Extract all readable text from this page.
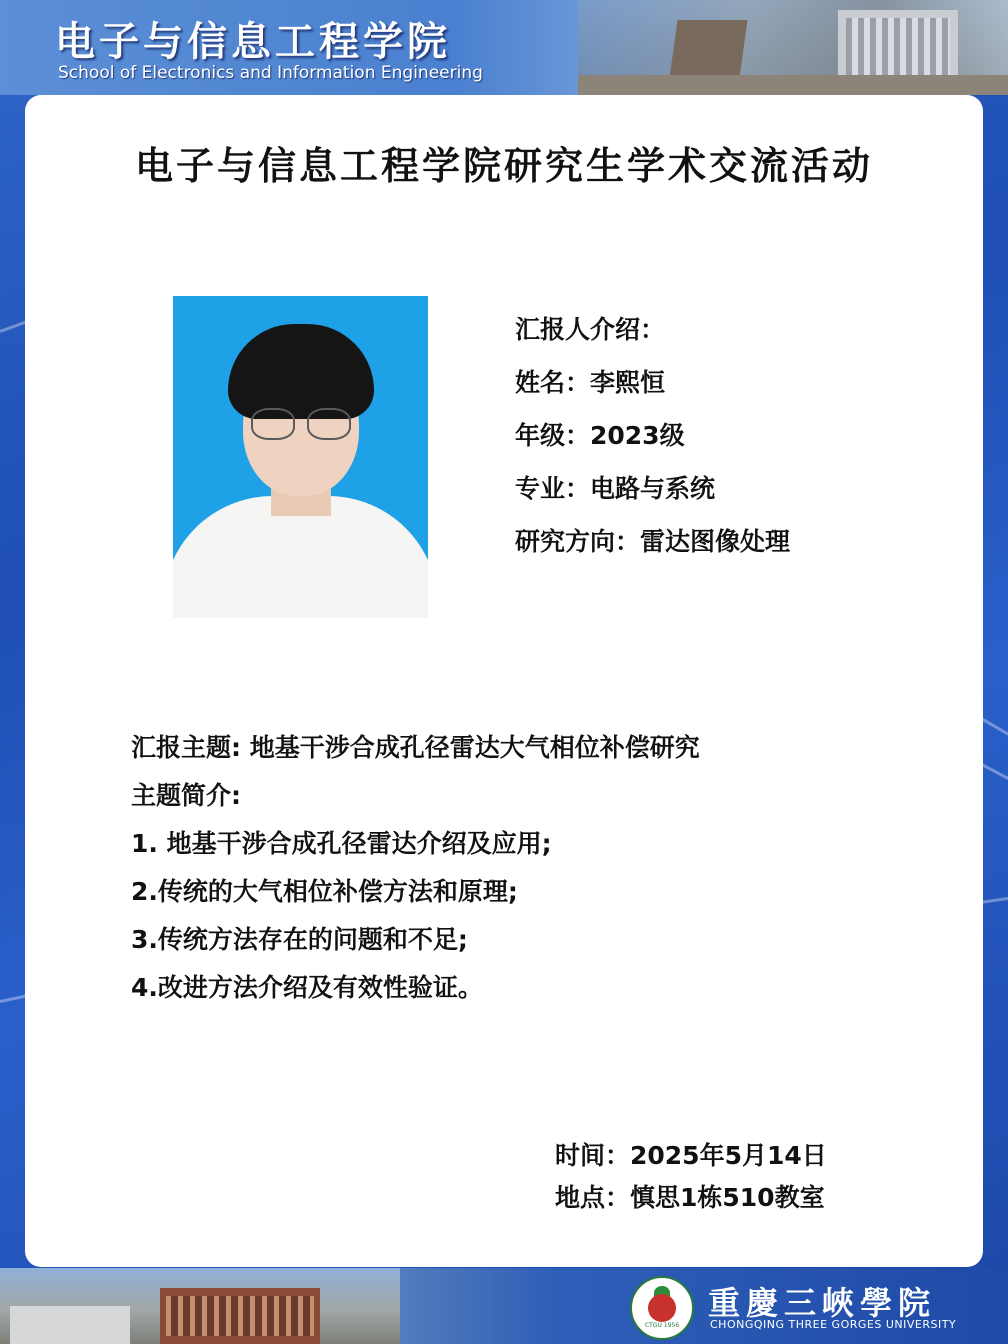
电子与信息工程学院
School of Electronics and Information Engineering
电子与信息工程学院研究生学术交流活动
汇报人介绍：
姓名：李熙恒
年级：2023级
专业：电路与系统
研究方向：雷达图像处理
汇报主题: 地基干涉合成孔径雷达大气相位补偿研究
主题简介:
1. 地基干涉合成孔径雷达介绍及应用;
2.传统的大气相位补偿方法和原理;
3.传统方法存在的问题和不足;
4.改进方法介绍及有效性验证。
时间：2025年5月14日
地点：慎思1栋510教室
CTGU 1956
重慶三峽學院
CHONGQING THREE GORGES UNIVERSITY
